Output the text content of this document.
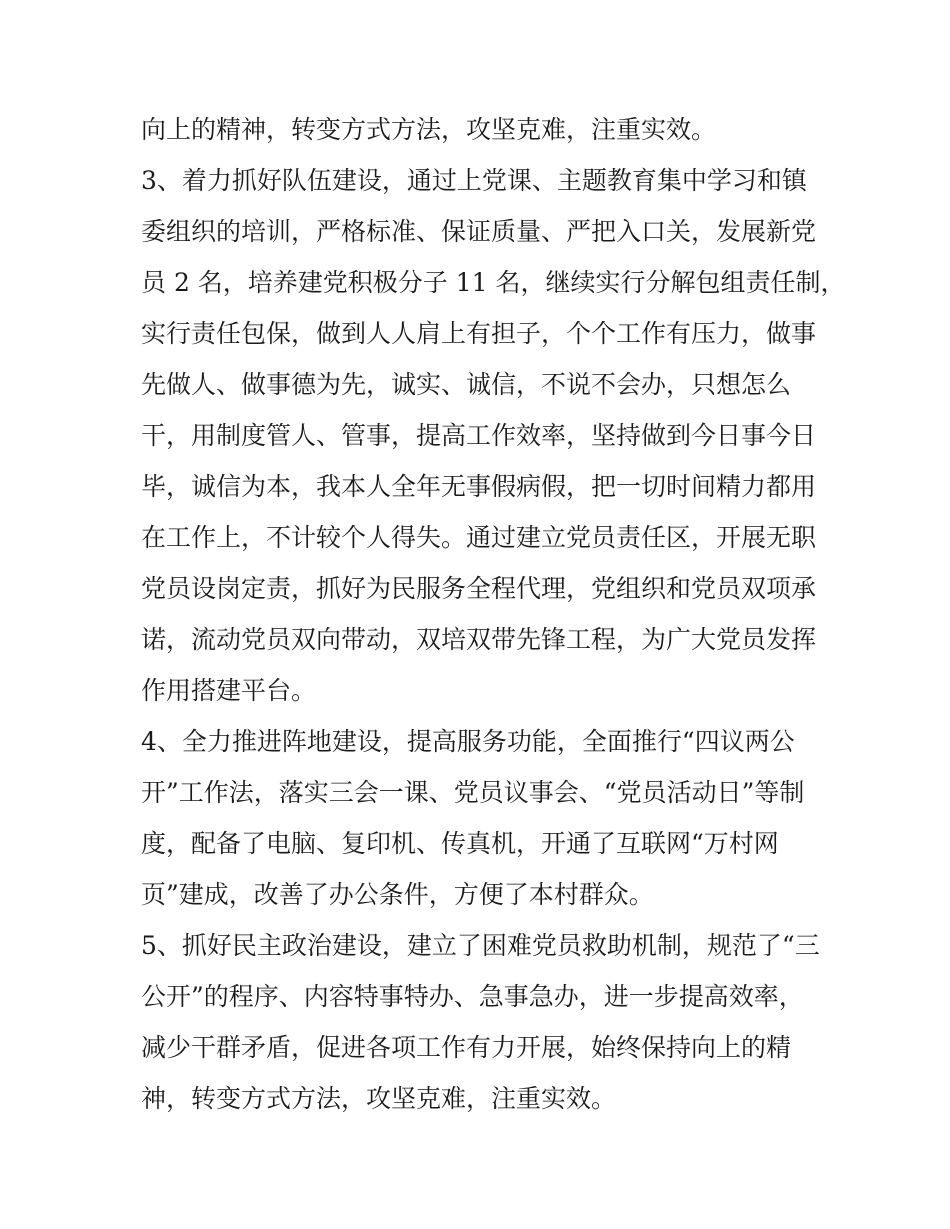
向上的精神，转变方式方法，攻坚克难，注重实效。
3、着力抓好队伍建设，通过上党课、主题教育集中学习和镇
委组织的培训，严格标准、保证质量、严把入口关，发展新党
员 2 名，培养建党积极分子 11 名，继续实行分解包组责任制，
实行责任包保，做到人人肩上有担子，个个工作有压力，做事
先做人、做事德为先，诚实、诚信，不说不会办，只想怎么
干，用制度管人、管事，提高工作效率，坚持做到今日事今日
毕，诚信为本，我本人全年无事假病假，把一切时间精力都用
在工作上，不计较个人得失。通过建立党员责任区，开展无职
党员设岗定责，抓好为民服务全程代理，党组织和党员双项承
诺，流动党员双向带动，双培双带先锋工程，为广大党员发挥
作用搭建平台。
4、全力推进阵地建设，提高服务功能，全面推行“四议两公
开”工作法，落实三会一课、党员议事会、“党员活动日”等制
度，配备了电脑、复印机、传真机，开通了互联网“万村网
页”建成，改善了办公条件，方便了本村群众。
5、抓好民主政治建设，建立了困难党员救助机制，规范了“三
公开”的程序、内容特事特办、急事急办，进一步提高效率，
减少干群矛盾，促进各项工作有力开展，始终保持向上的精
神，转变方式方法，攻坚克难，注重实效。
